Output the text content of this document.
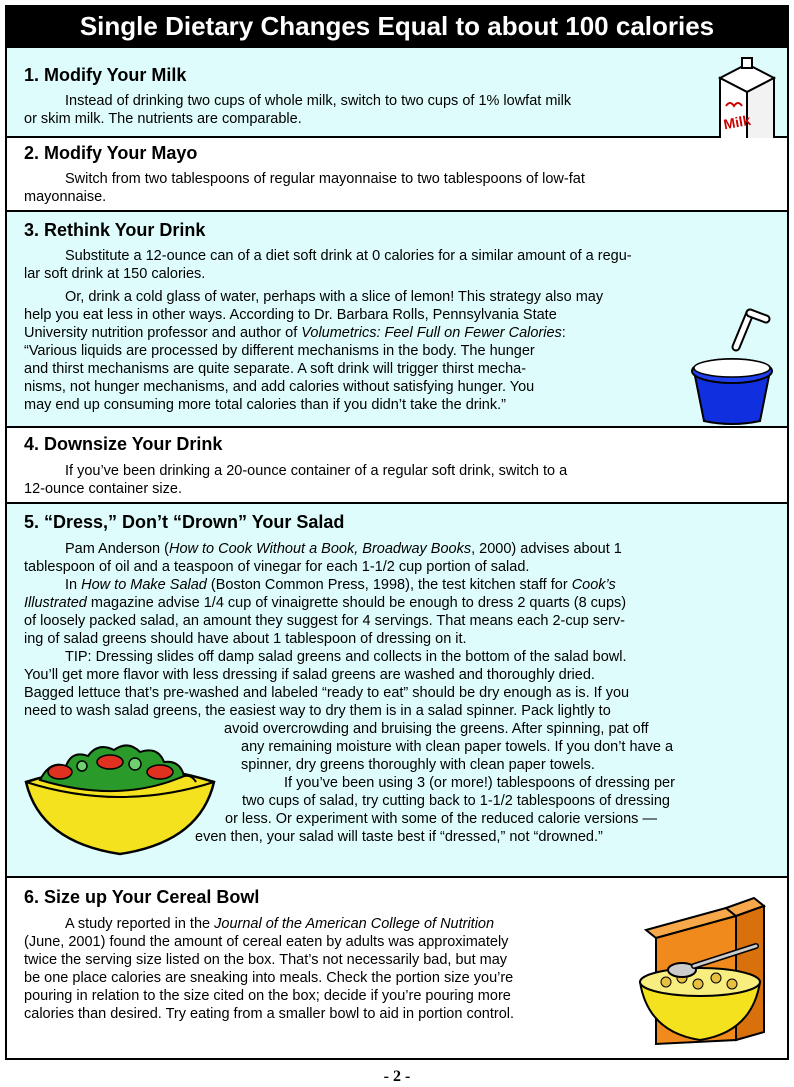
Single Dietary Changes Equal to about 100 calories
1. Modify Your Milk
Instead of drinking two cups of whole milk, switch to two cups of 1% lowfat milk
or skim milk. The nutrients are comparable.	Milk
2. Modify Your Mayo
Switch from two tablespoons of regular mayonnaise to two tablespoons of low-fat
mayonnaise.
3. Rethink Your Drink
Substitute a 12-ounce can of a diet soft drink at 0 calories for a similar amount of a regu-
lar soft drink at 150 calories.
Or, drink a cold glass of water, perhaps with a slice of lemon! This strategy also may
help you eat less in other ways. According to Dr. Barbara Rolls, Pennsylvania State
University nutrition professor and author of Volumetrics: Feel Full on Fewer Calories:
“Various liquids are processed by different mechanisms in the body. The hunger
and thirst mechanisms are quite separate. A soft drink will trigger thirst mecha-
nisms, not hunger mechanisms, and add calories without satisfying hunger. You
may end up consuming more total calories than if you didn’t take the drink.”
4. Downsize Your Drink
If you’ve been drinking a 20-ounce container of a regular soft drink, switch to a
12-ounce container size.
5. “Dress,” Don’t “Drown” Your Salad
Pam Anderson (How to Cook Without a Book, Broadway Books, 2000) advises about 1
tablespoon of oil and a teaspoon of vinegar for each 1-1/2 cup portion of salad.
In How to Make Salad (Boston Common Press, 1998), the test kitchen staff for Cook’s
Illustrated magazine advise 1/4 cup of vinaigrette should be enough to dress 2 quarts (8 cups)
of loosely packed salad, an amount they suggest for 4 servings. That means each 2-cup serv-
ing of salad greens should have about 1 tablespoon of dressing on it.
TIP: Dressing slides off damp salad greens and collects in the bottom of the salad bowl.
You’ll get more flavor with less dressing if salad greens are washed and thoroughly dried.
Bagged lettuce that’s pre-washed and labeled “ready to eat” should be dry enough as is. If you
need to wash salad greens, the easiest way to dry them is in a salad spinner. Pack lightly to
avoid overcrowding and bruising the greens. After spinning, pat off
any remaining moisture with clean paper towels. If you don’t have a
spinner, dry greens thoroughly with clean paper towels.
If you’ve been using 3 (or more!) tablespoons of dressing per
two cups of salad, try cutting back to 1-1/2 tablespoons of dressing
or less. Or experiment with some of the reduced calorie versions —
even then, your salad will taste best if “dressed,” not “drowned.”
6. Size up Your Cereal Bowl
A study reported in the Journal of the American College of Nutrition
(June, 2001) found the amount of cereal eaten by adults was approximately
twice the serving size listed on the box. That’s not necessarily bad, but may
be one place calories are sneaking into meals. Check the portion size you’re
pouring in relation to the size cited on the box; decide if you’re pouring more
calories than desired. Try eating from a smaller bowl to aid in portion control.
- 2 -
